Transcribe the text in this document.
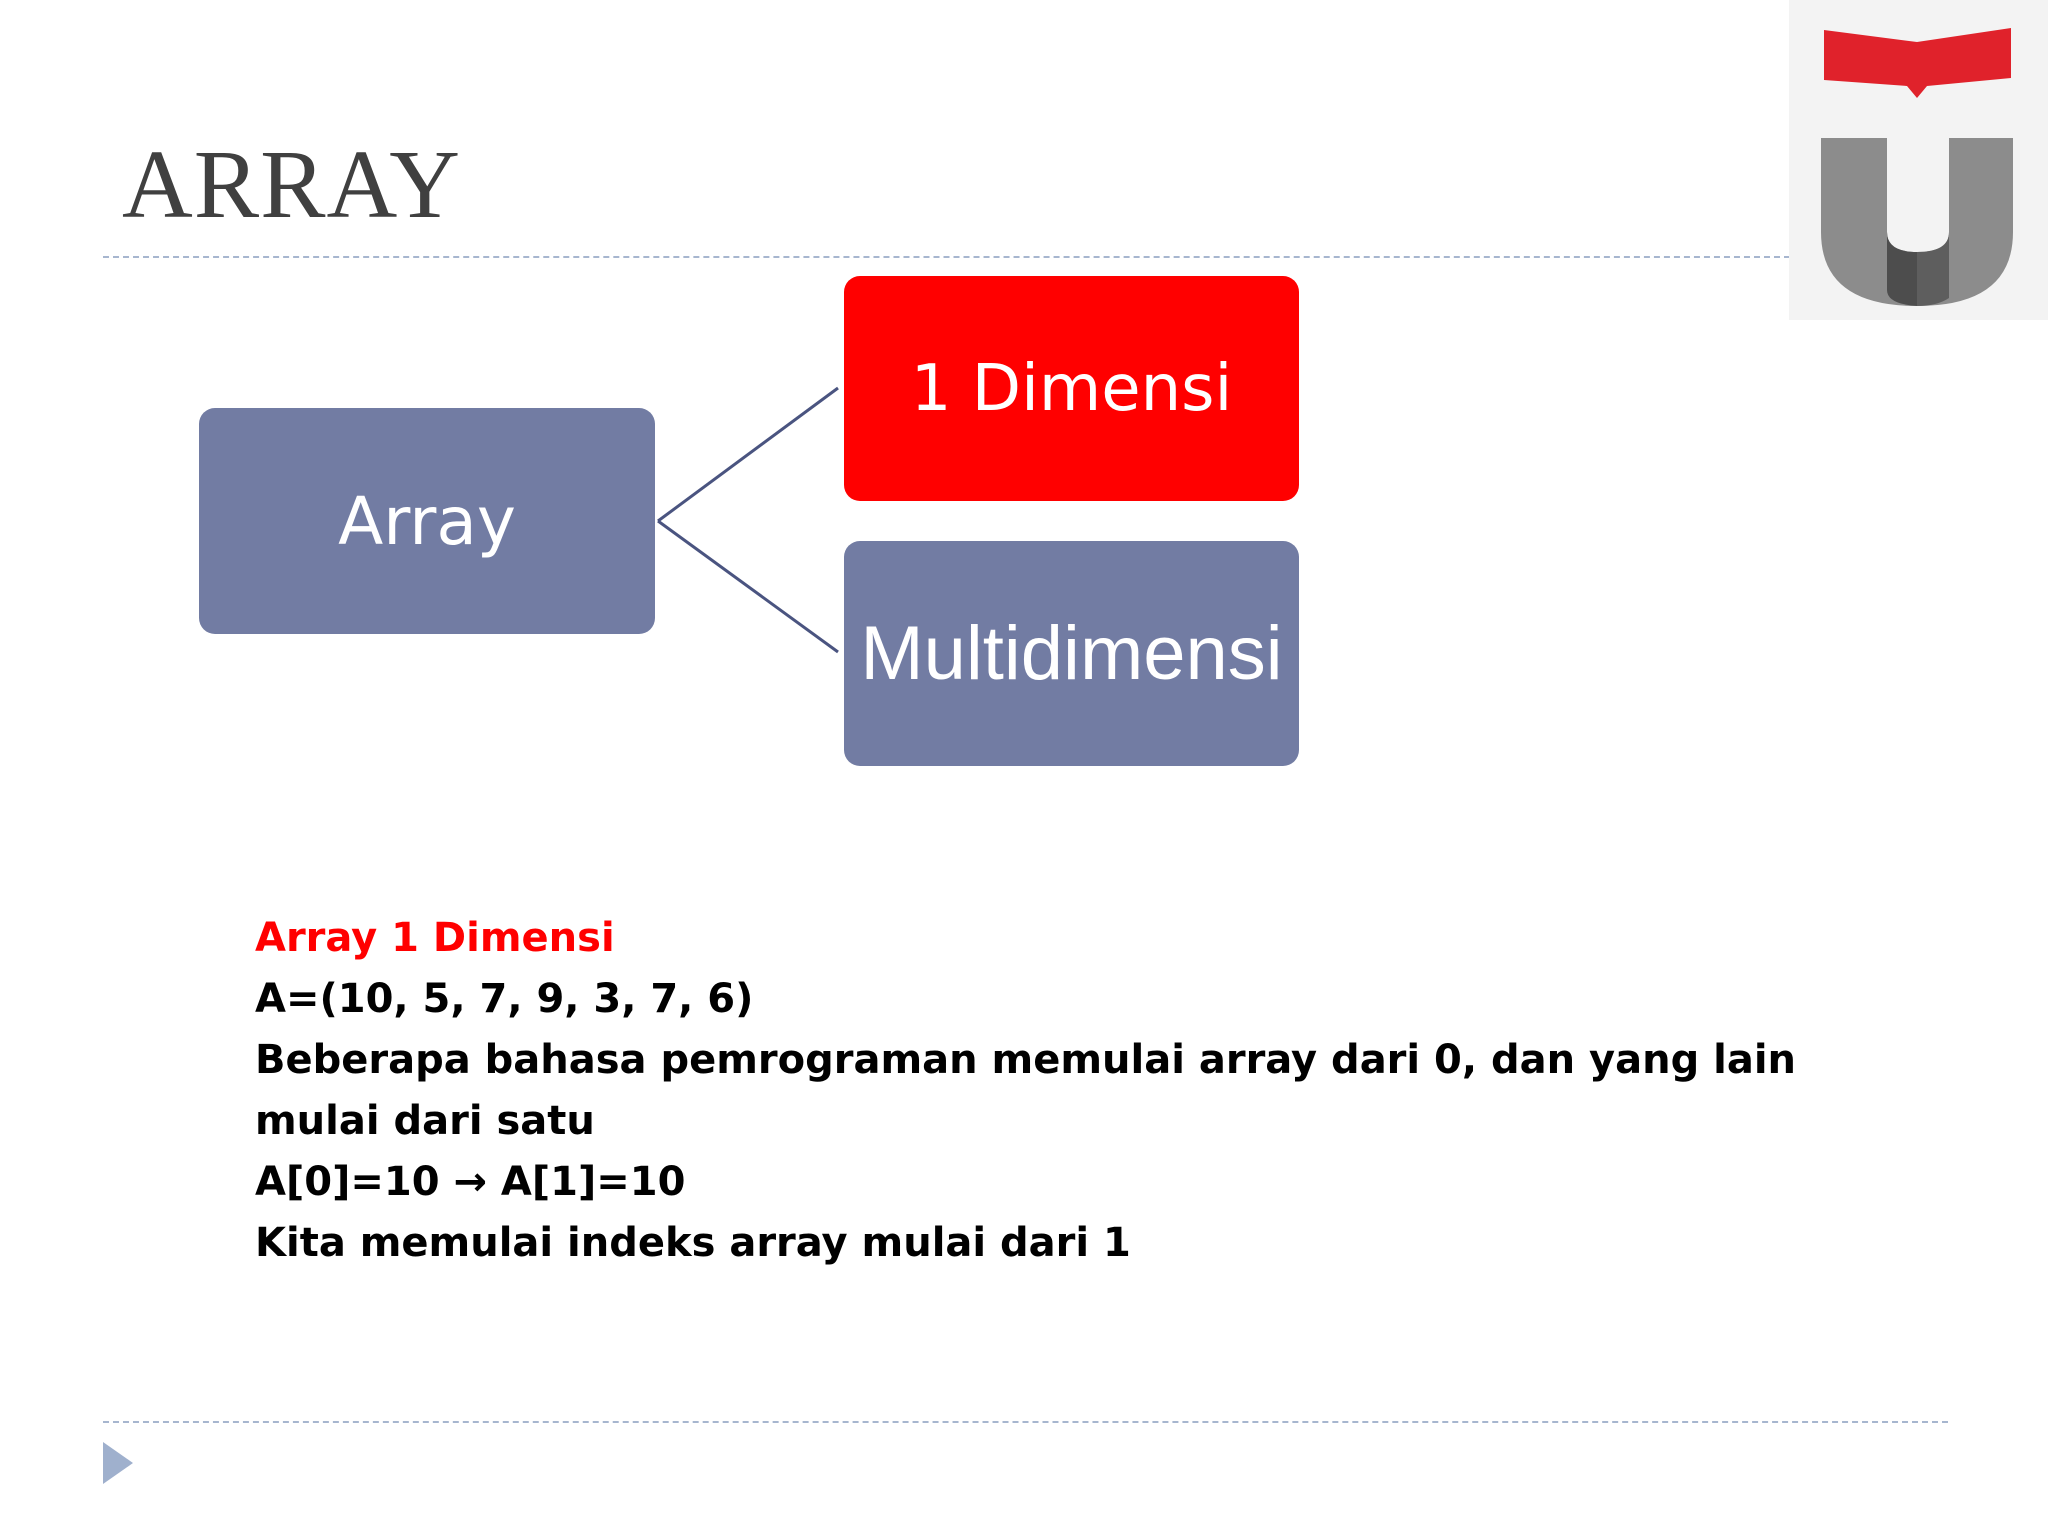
ARRAY
Array
1 Dimensi
Multidimensi
Array 1 Dimensi
A=(10, 5, 7, 9, 3, 7, 6)
Beberapa bahasa pemrograman memulai array dari 0, dan yang lain
mulai dari satu
A[0]=10 → A[1]=10
Kita memulai indeks array mulai dari 1
